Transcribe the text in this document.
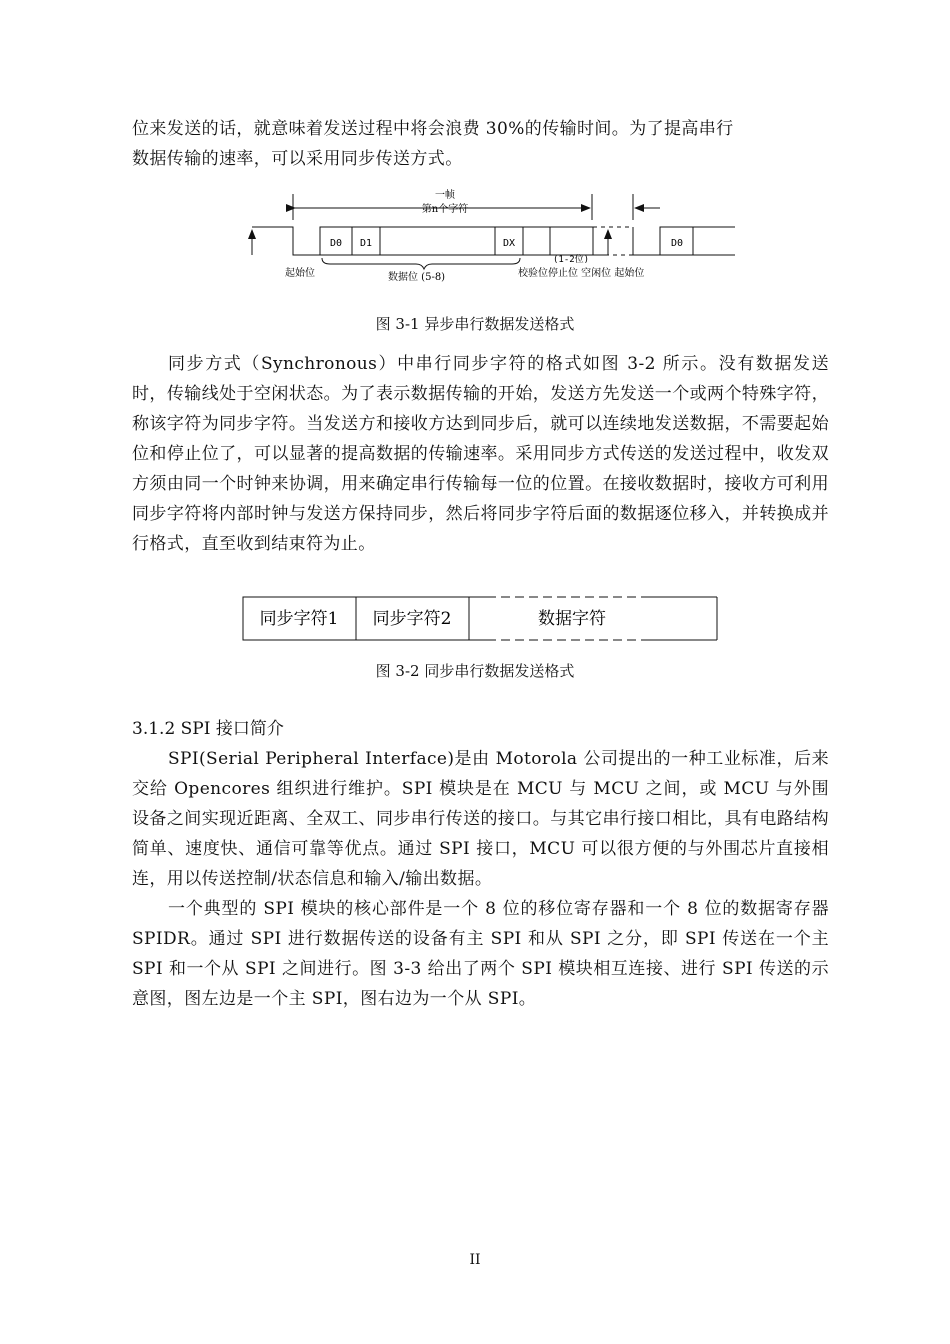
位来发送的话，就意味着发送过程中将会浪费 30%的传输时间。为了提高串行

数据传输的速率，可以采用同步传送方式。

一帧
第n个字符
D0 D1	DX	D0
(1-2位)
起始位	数据位 (5-8)	校验位停止位 空闲位 起始位

图 3-1 异步串行数据发送格式

同步方式（Synchronous）中串行同步字符的格式如图 3-2 所示。没有数据发送时，传输线处于空闲状态。为了表示数据传输的开始，发送方先发送一个或两个特殊字符，称该字符为同步字符。当发送方和接收方达到同步后，就可以连续地发送数据，不需要起始位和停止位了，可以显著的提高数据的传输速率。采用同步方式传送的发送过程中，收发双方须由同一个时钟来协调，用来确定串行传输每一位的位置。在接收数据时，接收方可利用同步字符将内部时钟与发送方保持同步，然后将同步字符后面的数据逐位移入，并转换成并行格式，直至收到结束符为止。

同步字符1 同步字符2	数据字符

图 3-2 同步串行数据发送格式

3.1.2 SPI 接口简介

SPI(Serial Peripheral Interface)是由 Motorola 公司提出的一种工业标准，后来交给 Opencores 组织进行维护。SPI 模块是在 MCU 与 MCU 之间，或 MCU 与外围设备之间实现近距离、全双工、同步串行传送的接口。与其它串行接口相比，具有电路结构简单、速度快、通信可靠等优点。通过 SPI 接口，MCU 可以很方便的与外围芯片直接相连，用以传送控制/状态信息和输入/输出数据。

一个典型的 SPI 模块的核心部件是一个 8 位的移位寄存器和一个 8 位的数据寄存器 SPIDR。通过 SPI 进行数据传送的设备有主 SPI 和从 SPI 之分，即 SPI 传送在一个主 SPI 和一个从 SPI 之间进行。图 3-3 给出了两个 SPI 模块相互连接、进行 SPI 传送的示意图，图左边是一个主 SPI，图右边为一个从 SPI。

II
